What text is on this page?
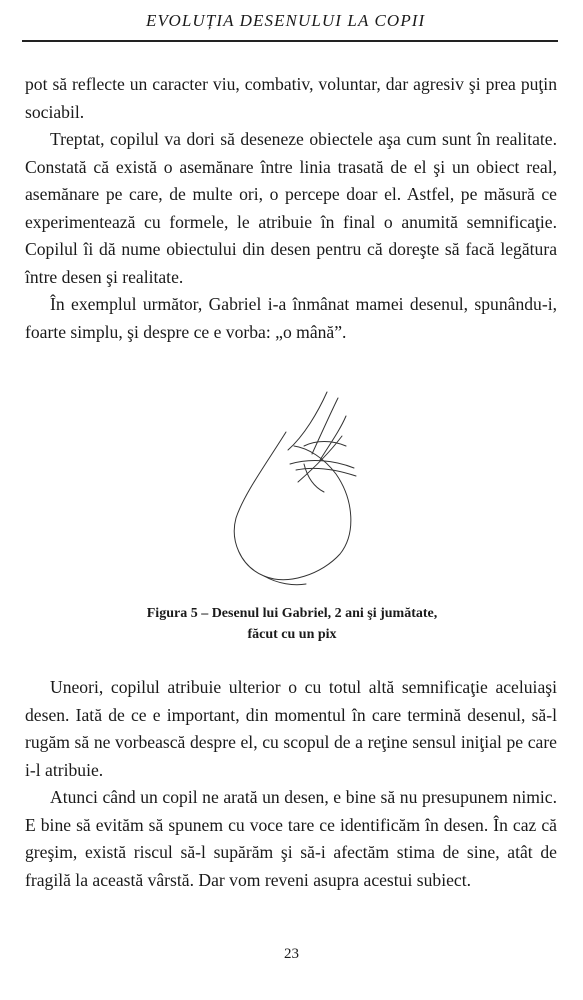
EVOLUȚIA DESENULUI LA COPII

pot să reflecte un caracter viu, combativ, voluntar, dar agresiv şi prea puţin sociabil.

Treptat, copilul va dori să deseneze obiectele aşa cum sunt în realitate. Constată că există o asemănare între linia trasată de el şi un obiect real, asemănare pe care, de multe ori, o percepe doar el. Astfel, pe măsură ce experimentează cu formele, le atribuie în final o anumită semnificaţie. Copilul îi dă nume obiectului din desen pentru că doreşte să facă legătura între desen şi realitate.

În exemplul următor, Gabriel i-a înmânat mamei desenul, spunându-i, foarte simplu, şi despre ce e vorba: „o mână”.

Figura 5 – Desenul lui Gabriel, 2 ani şi jumătate,
făcut cu un pix

Uneori, copilul atribuie ulterior o cu totul altă semnificaţie aceluiaşi desen. Iată de ce e important, din momentul în care termină desenul, să-l rugăm să ne vorbească despre el, cu scopul de a reţine sensul iniţial pe care i-l atribuie.

Atunci când un copil ne arată un desen, e bine să nu presupunem nimic. E bine să evităm să spunem cu voce tare ce identificăm în desen. În caz că greşim, există riscul să-l supărăm şi să-i afectăm stima de sine, atât de fragilă la această vârstă. Dar vom reveni asupra acestui subiect.

23
